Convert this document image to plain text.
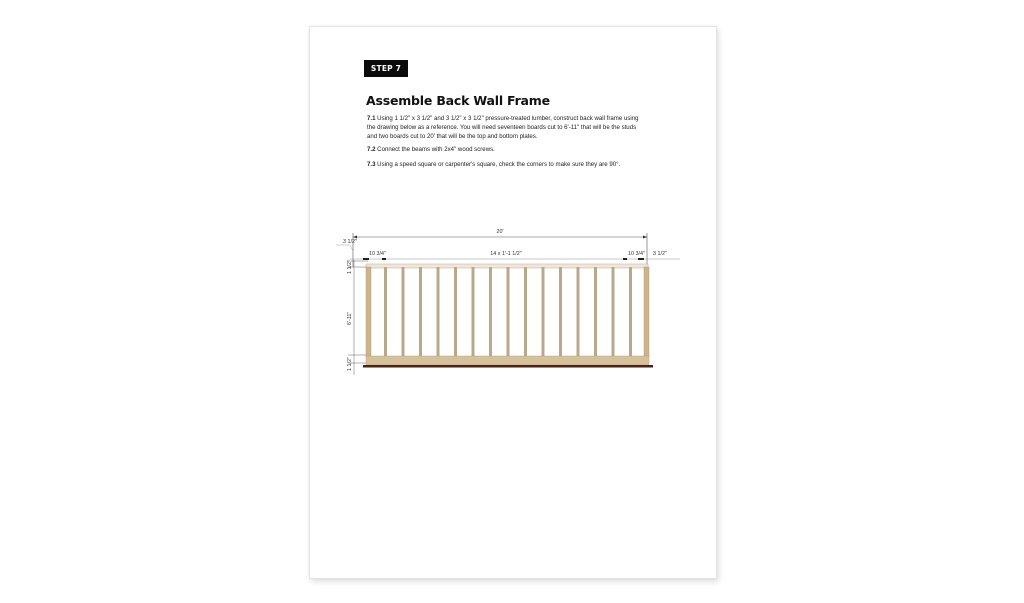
STEP 7
Assemble Back Wall Frame
7.1 Using 1 1/2" x 3 1/2" and 3 1/2" x 3 1/2" pressure-treated lumber, construct back wall frame using the drawing below as a reference. You will need seventeen boards cut to 6'-11" that will be the studs and two boards cut to 20' that will be the top and bottom plates.
7.2 Connect the beams with 2x4" wood screws.
7.3 Using a speed square or carpenter's square, check the corners to make sure they are 90°.
20'
3 1/2"
10 3/4"	14 x 1'-1 1/2"	10 3/4" 3 1/2"
1 1/2"
6'-11"
1 1/2"
